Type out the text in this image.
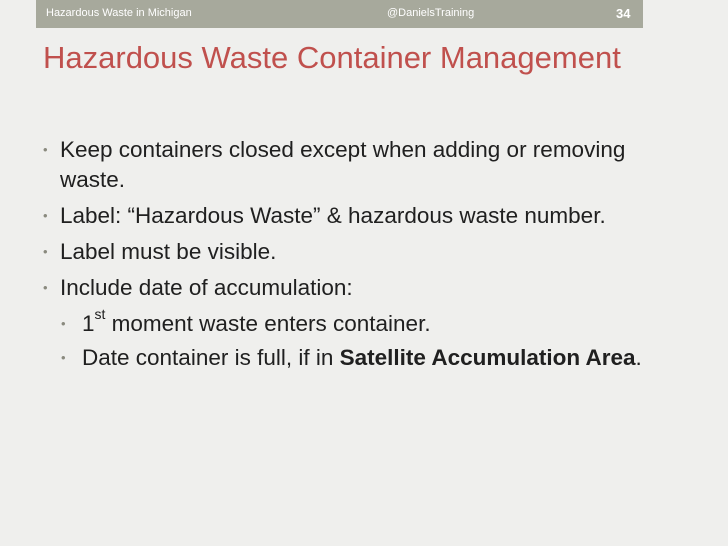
Hazardous Waste in Michigan	@DanielsTraining	34
Hazardous Waste Container Management
• Keep containers closed except when adding or removing waste.
• Label: “Hazardous Waste” & hazardous waste number.
• Label must be visible.
• Include date of accumulation:
• 1st moment waste enters container.
• Date container is full, if in Satellite Accumulation Area.
